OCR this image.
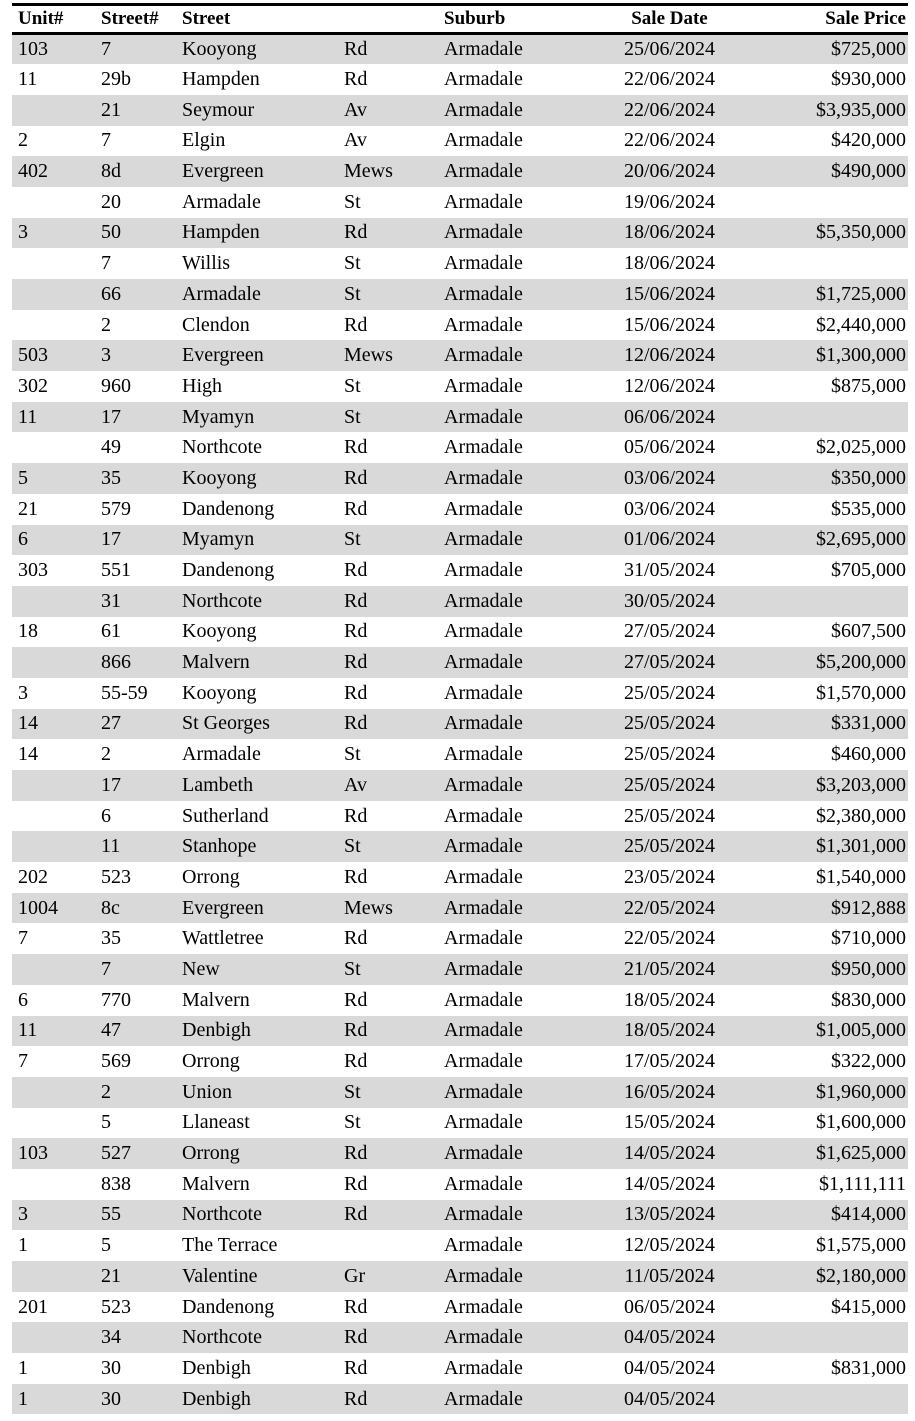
Unit#	Street#	Street		Suburb	Sale Date	Sale Price
103	7	Kooyong	Rd	Armadale	25/06/2024	$725,000
11	29b	Hampden	Rd	Armadale	22/06/2024	$930,000
	21	Seymour	Av	Armadale	22/06/2024	$3,935,000
2	7	Elgin	Av	Armadale	22/06/2024	$420,000
402	8d	Evergreen	Mews	Armadale	20/06/2024	$490,000
	20	Armadale	St	Armadale	19/06/2024	
3	50	Hampden	Rd	Armadale	18/06/2024	$5,350,000
	7	Willis	St	Armadale	18/06/2024	
	66	Armadale	St	Armadale	15/06/2024	$1,725,000
	2	Clendon	Rd	Armadale	15/06/2024	$2,440,000
503	3	Evergreen	Mews	Armadale	12/06/2024	$1,300,000
302	960	High	St	Armadale	12/06/2024	$875,000
11	17	Myamyn	St	Armadale	06/06/2024	
	49	Northcote	Rd	Armadale	05/06/2024	$2,025,000
5	35	Kooyong	Rd	Armadale	03/06/2024	$350,000
21	579	Dandenong	Rd	Armadale	03/06/2024	$535,000
6	17	Myamyn	St	Armadale	01/06/2024	$2,695,000
303	551	Dandenong	Rd	Armadale	31/05/2024	$705,000
	31	Northcote	Rd	Armadale	30/05/2024	
18	61	Kooyong	Rd	Armadale	27/05/2024	$607,500
	866	Malvern	Rd	Armadale	27/05/2024	$5,200,000
3	55-59	Kooyong	Rd	Armadale	25/05/2024	$1,570,000
14	27	St Georges	Rd	Armadale	25/05/2024	$331,000
14	2	Armadale	St	Armadale	25/05/2024	$460,000
	17	Lambeth	Av	Armadale	25/05/2024	$3,203,000
	6	Sutherland	Rd	Armadale	25/05/2024	$2,380,000
	11	Stanhope	St	Armadale	25/05/2024	$1,301,000
202	523	Orrong	Rd	Armadale	23/05/2024	$1,540,000
1004	8c	Evergreen	Mews	Armadale	22/05/2024	$912,888
7	35	Wattletree	Rd	Armadale	22/05/2024	$710,000
	7	New	St	Armadale	21/05/2024	$950,000
6	770	Malvern	Rd	Armadale	18/05/2024	$830,000
11	47	Denbigh	Rd	Armadale	18/05/2024	$1,005,000
7	569	Orrong	Rd	Armadale	17/05/2024	$322,000
	2	Union	St	Armadale	16/05/2024	$1,960,000
	5	Llaneast	St	Armadale	15/05/2024	$1,600,000
103	527	Orrong	Rd	Armadale	14/05/2024	$1,625,000
	838	Malvern	Rd	Armadale	14/05/2024	$1,111,111
3	55	Northcote	Rd	Armadale	13/05/2024	$414,000
1	5	The Terrace		Armadale	12/05/2024	$1,575,000
	21	Valentine	Gr	Armadale	11/05/2024	$2,180,000
201	523	Dandenong	Rd	Armadale	06/05/2024	$415,000
	34	Northcote	Rd	Armadale	04/05/2024	
1	30	Denbigh	Rd	Armadale	04/05/2024	$831,000
1	30	Denbigh	Rd	Armadale	04/05/2024	
